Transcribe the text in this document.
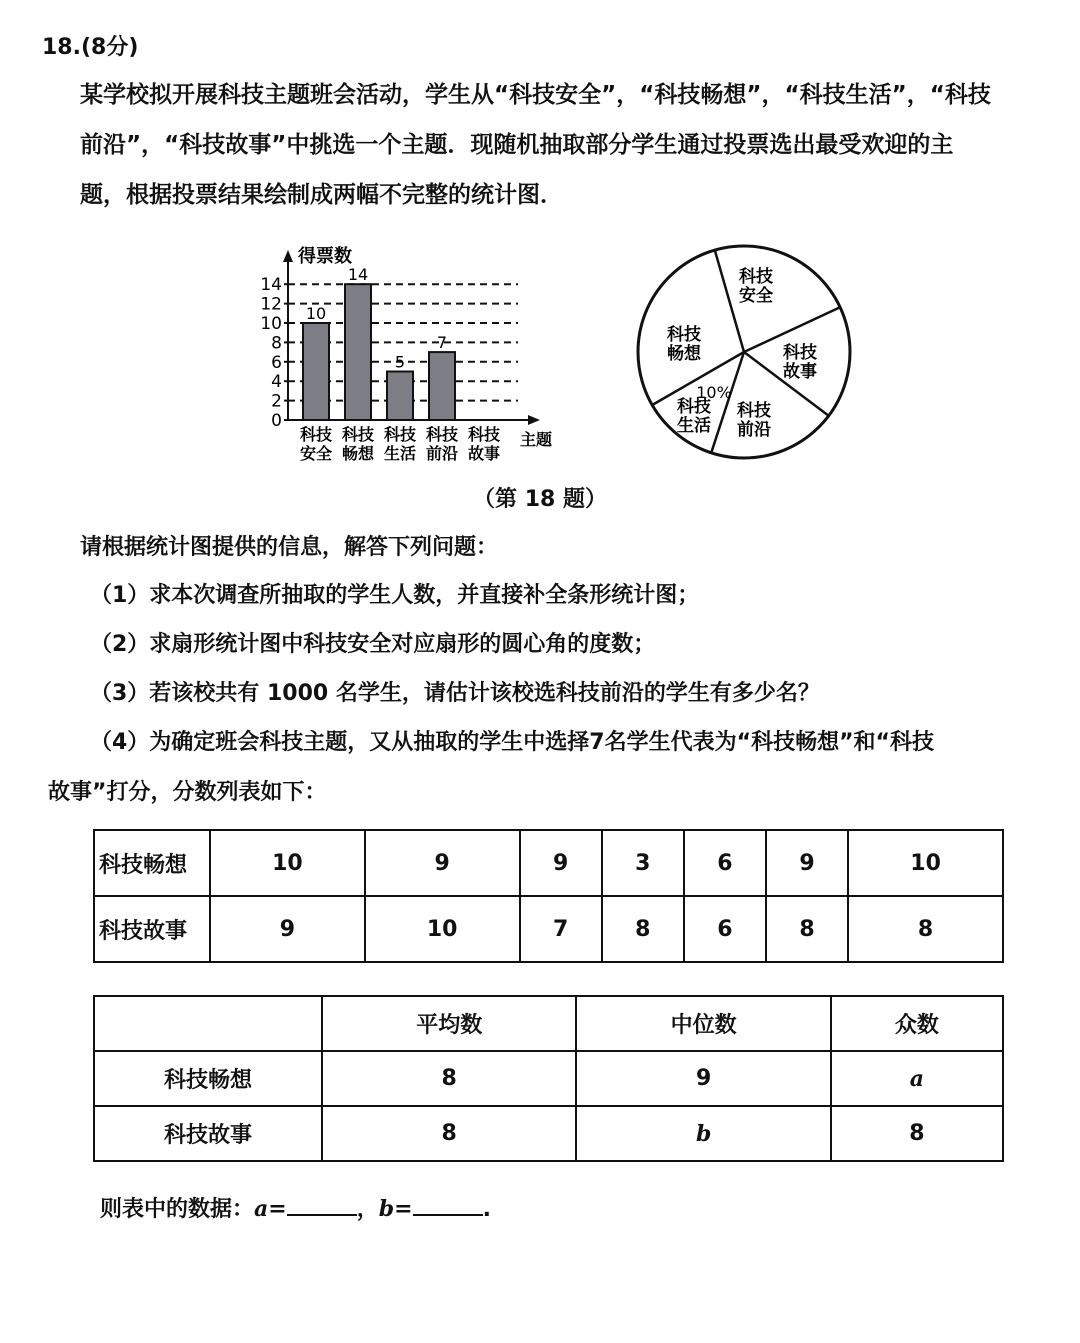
18.(8分)
某学校拟开展科技主题班会活动，学生从“科技安全”，“科技畅想”，“科技生活”，“科技
前沿”，“科技故事”中挑选一个主题．现随机抽取部分学生通过投票选出最受欢迎的主
题，根据投票结果绘制成两幅不完整的统计图．
得票数
主题
0
2
4
6
8
10
12
14
10
科技
安全
14
科技
畅想
5
科技
生活
7
科技
前沿
科技
故事
科技
安全
科技
故事
科技
前沿
科技
生活
10%
科技
畅想
（第 18 题）
请根据统计图提供的信息，解答下列问题：
（1）求本次调查所抽取的学生人数，并直接补全条形统计图；
（2）求扇形统计图中科技安全对应扇形的圆心角的度数；
（3）若该校共有 1000 名学生，请估计该校选科技前沿的学生有多少名？
（4）为确定班会科技主题，又从抽取的学生中选择7名学生代表为“科技畅想”和“科技
故事”打分，分数列表如下：
科技畅想	10	9	9	3	6	9	10
科技故事	9	10	7	8	6	8	8
	平均数	中位数	众数
科技畅想	8	9	a
科技故事	8	b	8
则表中的数据：a=	，b=	.
